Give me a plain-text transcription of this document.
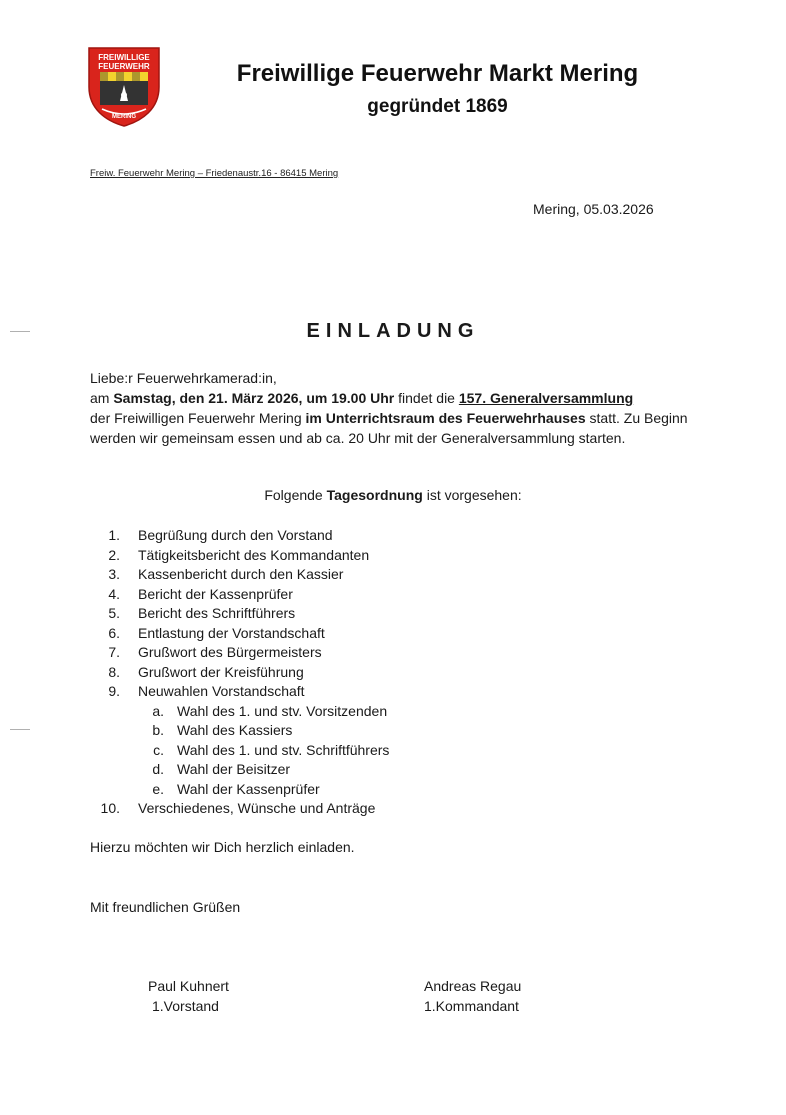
FREIWILLIGE
FEUERWEHR
MERING
Freiwillige Feuerwehr Markt Mering
gegründet 1869
Freiw. Feuerwehr Mering – Friedenaustr.16 - 86415 Mering
Mering, 05.03.2026
EINLADUNG
Liebe:r Feuerwehrkamerad:in,
am Samstag, den 21. März 2026, um 19.00 Uhr findet die 157. Generalversammlung
der Freiwilligen Feuerwehr Mering im Unterrichtsraum des Feuerwehrhauses statt. Zu Beginn
werden wir gemeinsam essen und ab ca. 20 Uhr mit der Generalversammlung starten.
Folgende Tagesordnung ist vorgesehen:
1. Begrüßung durch den Vorstand
2. Tätigkeitsbericht des Kommandanten
3. Kassenbericht durch den Kassier
4. Bericht der Kassenprüfer
5. Bericht des Schriftführers
6. Entlastung der Vorstandschaft
7. Grußwort des Bürgermeisters
8. Grußwort der Kreisführung
9. Neuwahlen Vorstandschaft
a. Wahl des 1. und stv. Vorsitzenden
b. Wahl des Kassiers
c. Wahl des 1. und stv. Schriftführers
d. Wahl der Beisitzer
e. Wahl der Kassenprüfer
10. Verschiedenes, Wünsche und Anträge
Hierzu möchten wir Dich herzlich einladen.
Mit freundlichen Grüßen
Paul Kuhnert
1.Vorstand
Andreas Regau
1.Kommandant
